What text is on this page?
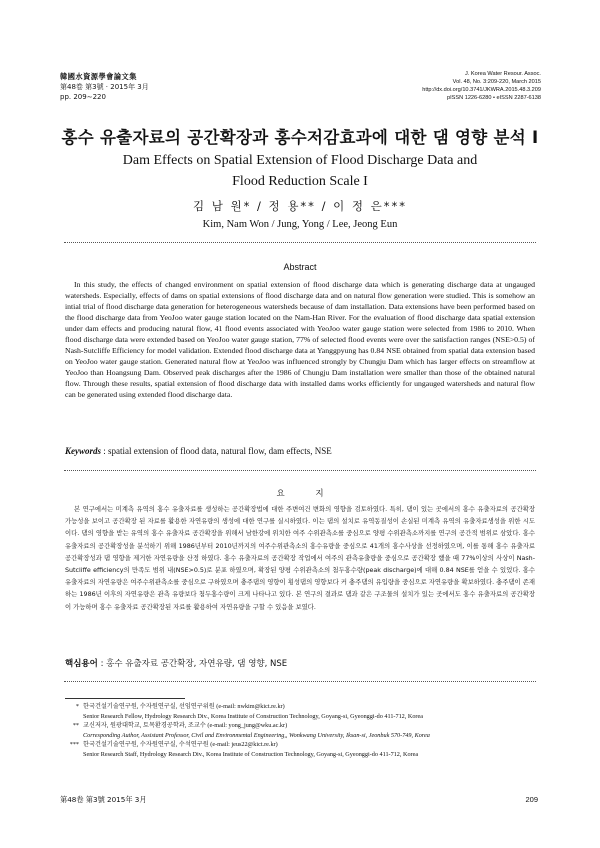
韓國水資源學會論文集
第48卷 第3號 · 2015年 3月
pp. 209∼220
J. Korea Water Resour. Assoc.
Vol. 48, No. 3:209-220, March 2015
http://dx.doi.org/10.3741/JKWRA.2015.48.3.209
pISSN 1226-6280 • eISSN 2287-6138
홍수 유출자료의 공간확장과 홍수저감효과에 대한 댐 영향 분석 I
Dam Effects on Spatial Extension of Flood Discharge Data and
Flood Reduction Scale I
김 남 원* / 정 용** / 이 정 은***
Kim, Nam Won / Jung, Yong / Lee, Jeong Eun
Abstract

In this study, the effects of changed environment on spatial extension of flood discharge data which is generating discharge data at ungauged watersheds. Especially, effects of dams on spatial extensions of flood discharge data and on natural flow generation were studied. This is somehow an intial trial of flood discharge data generation for heterogeneous watersheds because of dam installation. Data extensions have been performed based on the flood discharge data from YeoJoo water gauge station located on the Nam-Han River. For the evaluation of flood discharge data spatial extension under dam effects and producing natural flow, 41 flood events associated with YeoJoo water gauge station were selected from 1986 to 2010. When flood discharge data were extended based on YeoJoo water gauge station, 77% of selected flood events were over the satisfaction ranges (NSE>0.5) of Nash-Sutcliffe Efficiency for model validation. Extended flood discharge data at Yanggpyung has 0.84 NSE obtained from spatial data extension based on YeoJoo water gauge station. Generated natural flow at YeoJoo was influenced strongly by Chungju Dam which has larger effects on streamflow at YeoJoo than Hoangsung Dam. Observed peak discharges after the 1986 of Chungju Dam installation were smaller than those of the obtained natural flow. Through these results, spatial extension of flood discharge data with installed dams works efficiently for ungauged watersheds and natural flow can be generated using extended flood discharge data.

Keywords : spatial extension of flood data, natural flow, dam effects, NSE
요 지

본 연구에서는 미계측 유역의 홍수 유출자료를 생성하는 공간확장법에 대한 주변여건 변화의 영향을 검토하였다. 특히, 댐이 있는 곳에서의 홍수 유출자료의 공간확장 가능성을 보이고 공간확장 된 자료를 활용한 자연유량의 생성에 대한 연구를 실시하였다. 이는 댐의 설치로 유역동질성이 손실된 미계측 유역의 유출자료생성을 위한 시도이다. 댐의 영향을 받는 유역의 홍수 유출자료 공간확장을 위해서 남한강에 위치한 여주 수위관측소를 중심으로 양평 수위관측소까지를 연구의 공간적 범위로 삼았다. 홍수 유출자료의 공간확장성을 분석하기 위해 1986년부터 2010년까지의 여주수위관측소의 홍수유량을 중심으로 41개의 홍수사상을 선정하였으며, 이를 통해 홍수 유출자료 공간확장성과 댐 영향을 제거한 자연유량을 산정 하였다. 홍수 유출자료의 공간확장 작업에서 여주의 관측유출량을 중심으로 공간확장 했을 때 77%이상의 사상이 Nash-Sutcliffe efficiency의 만족도 범위 내(NSE>0.5)로 분포 하였으며, 확장된 양평 수위관측소의 첨두홍수량(peak discharge)에 대해 0.84 NSE를 얻을 수 있었다. 홍수 유출자료의 자연유량은 여주수위관측소를 중심으로 구하였으며 충주댐의 영향이 횡성댐의 영향보다 커 충주댐의 유입량을 중심으로 자연유량을 확보하였다. 충주댐이 존재하는 1986년 이후의 자연유량은 관측 유량보다 첨두홍수량이 크게 나타나고 있다. 본 연구의 결과로 댐과 같은 구조물의 설치가 있는 곳에서도 홍수 유출자료의 공간확장이 가능하며 홍수 유출자료 공간확장된 자료를 활용하여 자연유량을 구할 수 있음을 보였다.

핵심용어 : 홍수 유출자료 공간확장, 자연유량, 댐 영향, NSE
* 한국건설기술연구원, 수자원연구실, 선임연구위원 (e-mail: nwkim@kict.re.kr)
Senior Research Fellow, Hydrology Research Div., Korea Institute of Construction Technology, Goyang-si, Gyeonggi-do 411-712, Korea
** 교신저자, 원광대학교, 토목환경공학과, 조교수 (e-mail: yong_jung@wku.ac.kr)
Corresponding Author, Assistant Professor, Civil and Environmental Engineering,, Wonkwang University, Iksan-si, Jeonbuk 570-749, Korea
*** 한국건설기술연구원, 수자원연구실, 수석연구원 (e-mail: jeus22@kict.re.kr)
Senior Research Staff, Hydrology Research Div., Korea Institute of Construction Technology, Goyang-si, Gyeonggi-do 411-712, Korea
第48卷 第3號 2015年 3月	209
